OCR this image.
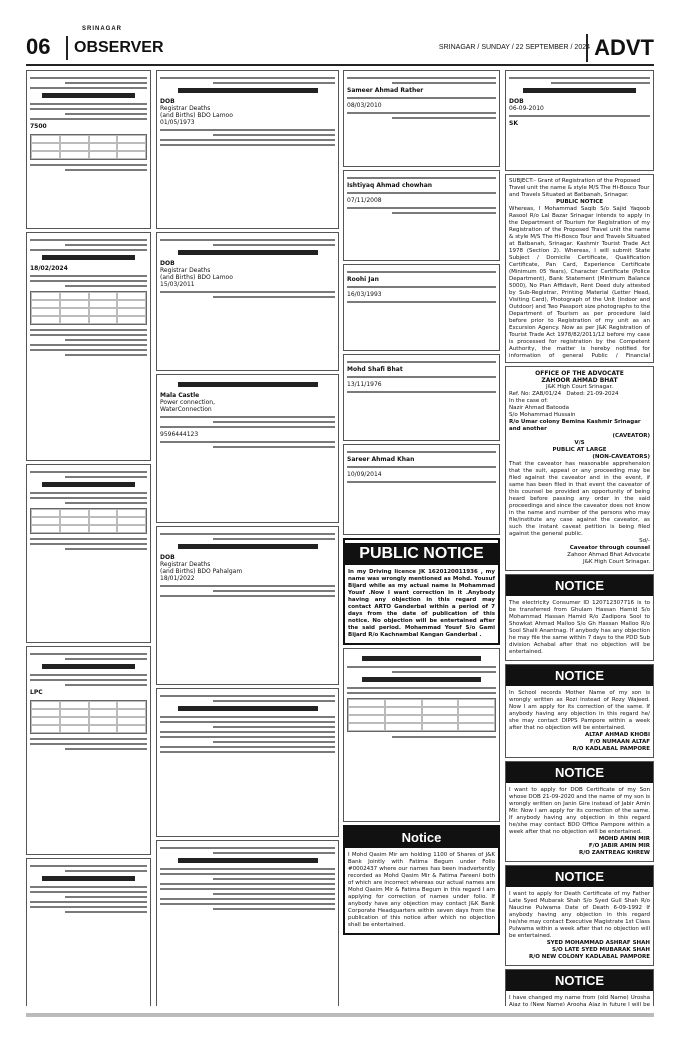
06
SRINAGAR
OBSERVER	SRINAGAR / SUNDAY / 22 SEPTEMBER / 2024 ADVT
7500
18/02/2024
LPC
DOB
Registrar Deaths
(and Births) BDO Lamoo
01/05/1973
DOB
Registrar Deaths
(and Births) BDO Lamoo
15/03/2011
Mala Castle
Power connection,
WaterConnection
9596444123
DOB
Registrar Deaths
(and Births) BDO Pahalgam
18/01/2022
Sameer Ahmad Rather
08/03/2010
Ishtiyaq Ahmad chowhan
07/11/2008
Roohi Jan
16/03/1993
Mohd Shafi Bhat
13/11/1976
Sareer Ahmad Khan
10/09/2014
PUBLIC NOTICE
In my Driving licence JK 1620120011936 , my name was wrongly mentioned as Mohd. Yousuf Bijard while as my actual name is Mohammad Yousf .Now I want correction in it .Anybody having any objection in this regard may contact ARTO Ganderbal within a period of 7 days from the date of publication of this notice. No objection will be entertained after the said period. Mohammad Yousf S/o Gami Bijard R/o Kachnambal Kangan Ganderbal .
Notice
I Mohd Qasim Mir am holding 1100 of Shares of J&K Bank Jointly with Fatima Begum under Folio #0002437 where our names has been inadvertently recorded as Mohd Qasim Mir & Fatima Fareeni both of which are incorrect whereas our actual names are Mohd Qasim Mir & Fatima Begum in this regard I am applying for correction of names under folio. If anybody have any objection may contact J&K Bank Corporate Headquarters within seven days from the publication of this notice after which no objection shall be entertained.
DOB
06-09-2010
SK
SUBJECT:- Grant of Registration of the Proposed Travel unit the name & style M/S The Hi-Bosco Tour and Travels Situated at Batbanah, Srinagar.
PUBLIC NOTICE
Whereas, I Mohammad Saqib S/o Sajid Yaqoob Rasool R/o Lal Bazar Srinagar intends to apply in the Department of Tourism for Registration of my Registration of the Proposed Travel unit the name & style M/S The Hi-Bosco Tour and Travels Situated at Batbanah, Srinagar. Kashmir Tourist Trade Act 1978 (Section 2). Whereas, I will submit State Subject / Domicile Certificate, Qualification Certificate, Pan Card, Experience Certificate (Minimum 05 Years), Character Certificate (Police Department), Bank Statement (Minimum Balance 5000), No Plan Affidavit, Rent Deed duly attested by Sub-Registrar, Printing Material (Letter Head, Visiting Card), Photograph of the Unit (Indoor and Outdoor) and Two Passport size photographs to the Department of Tourism as per procedure laid before prior to Registration of my unit as an Excursion Agency. Now as per J&K Registration of Tourist Trade Act 1978/82/2011/12 before my case is processed for registration by the Competent Authority, the matter is hereby notified for information of general Public / Financial
OFFICE OF THE ADVOCATE
ZAHOOR AHMAD BHAT
J&K High Court Srinagar.
Ref. No: ZAB/01/24 Dated: 21-09-2024
In the case of:
Nazir Ahmad Batooda
S/o Mohammad Hussain
R/o Umar colony Bemina Kashmir Srinagar and another
(CAVEATOR)
V/S
PUBLIC AT LARGE
(NON-CAVEATORS)
That the caveator has reasonable apprehension that the suit, appeal or any proceeding may be filed against the caveator and in the event, if same has been filed in that event the caveator of this counsel be provided an opportunity of being heard before passing any order in the said proceedings and since the caveator does not know in the name and number of the persons who may file/institute any case against the caveator, as such the instant caveat petition is being filed against the general public.
Sd/-
Caveator through counsel
Zahoor Ahmad Bhat Advocate
J&K High Court Srinagar.
NOTICE
The electricity Consumer ID 120712307716 is to be transferred from Ghulam Hassan Hamid S/o Mohammad Hassan Hamid R/o Zadipora Sool to Showkat Ahmad Malloo S/o Gh Hassan Malloo R/o Sool Shalli Anantnag. If anybody has any objection he may file the same within 7 days to the PDD Sub division Achabal after that no objection will be entertained.
NOTICE
In School records Mother Name of my son is wrongly written as Rozi instead of Rozy Wajeed. Now I am apply for its correction of the same. If anybody having any objection in this regard he/ she may contact DIPPS Pampore within a week after that no objection will be entertained.
ALTAF AHMAD KHOBI
F/O NUMAAN ALTAF
R/O KADLABAL PAMPORE
NOTICE
I want to apply for DOB Certificate of my Son whose DOB 21-09-2020 and the name of my son is wrongly written on Janin Gire instead of Jabir Amin Mir. Now I am apply for its correction of the same. If anybody having any objection in this regard he/she may contact BDO Office Pampore within a week after that no objection will be entertained.
MOHD AMIN MIR
F/O JABIR AMIN MIR
R/O ZANTREAG KHREW
NOTICE
I want to apply for Death Certificate of my Father Late Syed Mubarak Shah S/o Syed Gull Shah R/o Naucine Pulwama Date of Death 6-09-1992 If anybody having any objection in this regard he/she may contact Executive Magistrate 1st Class Pulwama within a week after that no objection will be entertained.
SYED MOHAMMAD ASHRAF SHAH
S/O LATE SYED MUBARAK SHAH
R/O NEW COLONY KADLABAL PAMPORE
NOTICE
I have changed my name from (old Name) Urosha Ajaz to (New Name) Arooha Ajaz in future I will be
